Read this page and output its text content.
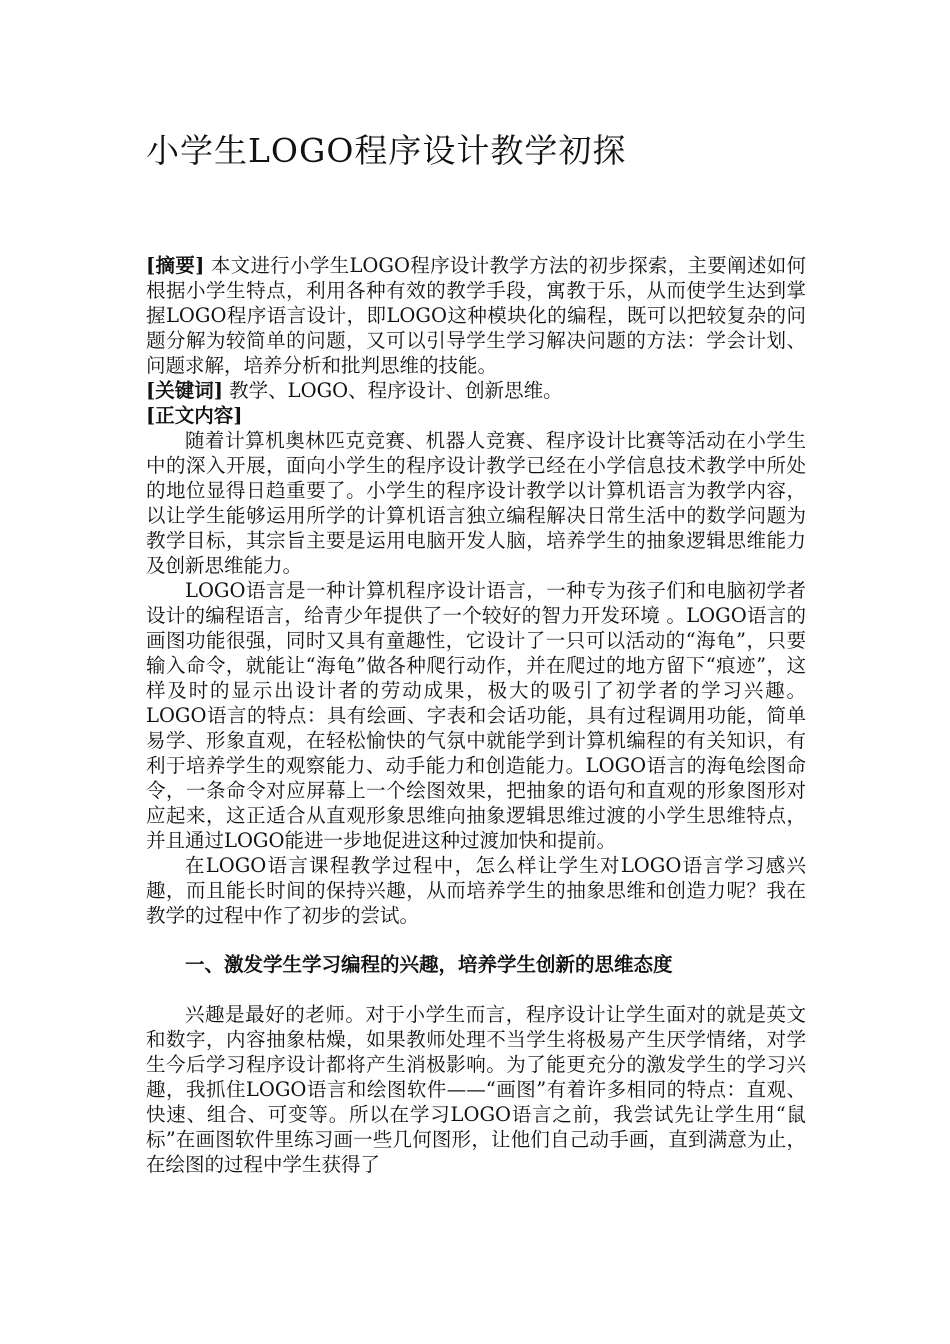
小学生LOGO程序设计教学初探

[摘要] 本文进行小学生LOGO程序设计教学方法的初步探索，主要阐述如何根据小学生特点，利用各种有效的教学手段，寓教于乐，从而使学生达到掌握LOGO程序语言设计，即LOGO这种模块化的编程，既可以把较复杂的问题分解为较简单的问题，又可以引导学生学习解决问题的方法：学会计划、问题求解，培养分析和批判思维的技能。

[关键词] 教学、LOGO、程序设计、创新思维。

[正文内容]

随着计算机奥林匹克竞赛、机器人竞赛、程序设计比赛等活动在小学生中的深入开展，面向小学生的程序设计教学已经在小学信息技术教学中所处的地位显得日趋重要了。小学生的程序设计教学以计算机语言为教学内容，以让学生能够运用所学的计算机语言独立编程解决日常生活中的数学问题为教学目标，其宗旨主要是运用电脑开发人脑，培养学生的抽象逻辑思维能力及创新思维能力。

LOGO语言是一种计算机程序设计语言，一种专为孩子们和电脑初学者设计的编程语言，给青少年提供了一个较好的智力开发环境 。LOGO语言的画图功能很强，同时又具有童趣性，它设计了一只可以活动的“海龟”，只要输入命令，就能让“海龟”做各种爬行动作，并在爬过的地方留下“痕迹”，这样及时的显示出设计者的劳动成果，极大的吸引了初学者的学习兴趣。LOGO语言的特点：具有绘画、字表和会话功能，具有过程调用功能，简单易学、形象直观，在轻松愉快的气氛中就能学到计算机编程的有关知识，有利于培养学生的观察能力、动手能力和创造能力。LOGO语言的海龟绘图命令，一条命令对应屏幕上一个绘图效果，把抽象的语句和直观的形象图形对应起来，这正适合从直观形象思维向抽象逻辑思维过渡的小学生思维特点，并且通过LOGO能进一步地促进这种过渡加快和提前。

在LOGO语言课程教学过程中，怎么样让学生对LOGO语言学习感兴趣，而且能长时间的保持兴趣，从而培养学生的抽象思维和创造力呢？我在教学的过程中作了初步的尝试。

一、激发学生学习编程的兴趣，培养学生创新的思维态度

兴趣是最好的老师。对于小学生而言，程序设计让学生面对的就是英文和数字，内容抽象枯燥，如果教师处理不当学生将极易产生厌学情绪，对学生今后学习程序设计都将产生消极影响。为了能更充分的激发学生的学习兴趣，我抓住LOGO语言和绘图软件——“画图”有着许多相同的特点：直观、快速、组合、可变等。所以在学习LOGO语言之前，我尝试先让学生用“鼠标”在画图软件里练习画一些几何图形，让他们自己动手画，直到满意为止，在绘图的过程中学生获得了
